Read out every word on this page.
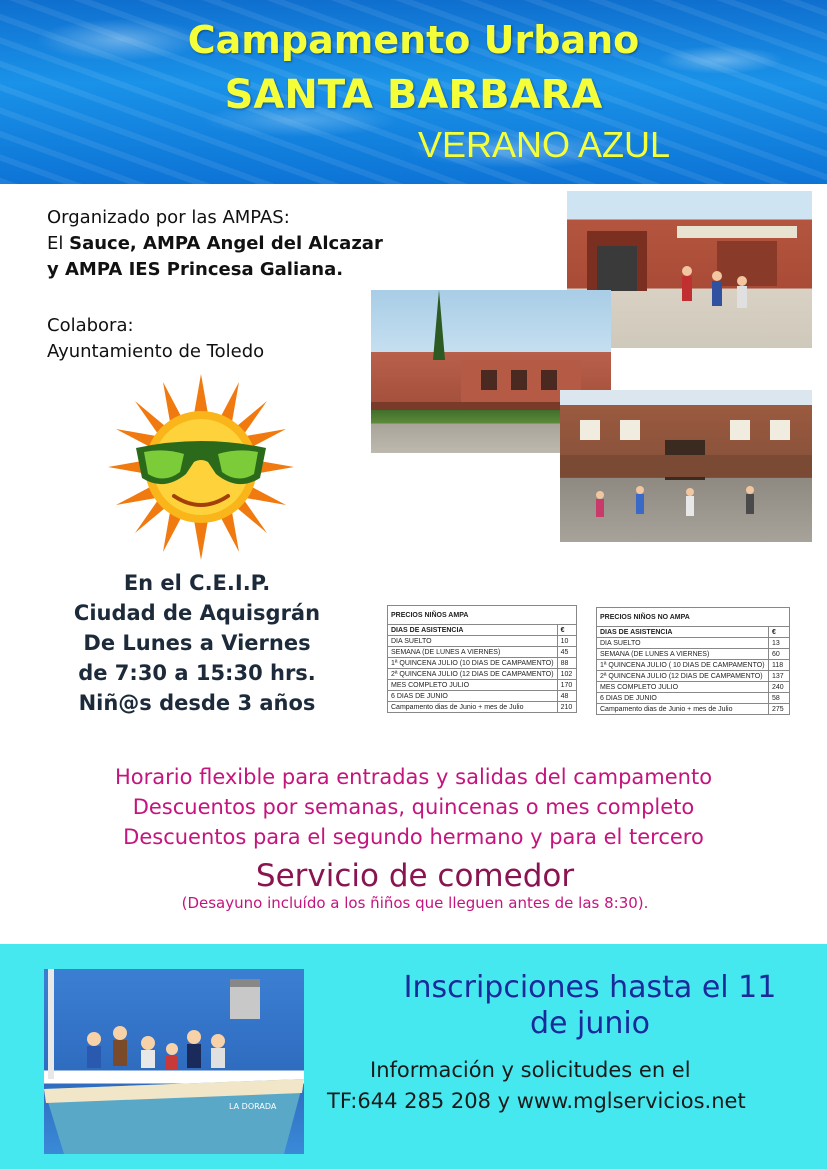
Campamento Urbano
SANTA BARBARA
VERANO AZUL
Organizado por las AMPAS:
El Sauce, AMPA Angel del Alcazar
y AMPA IES Princesa Galiana.
Colabora:
Ayuntamiento de Toledo
En el C.E.I.P.
Ciudad de Aquisgrán
De Lunes a Viernes
de 7:30 a 15:30 hrs.
Niñ@s desde 3 años
PRECIOS NIÑOS AMPA	
DIAS DE ASISTENCIA	€
DIA SUELTO	10
SEMANA (DE LUNES A VIERNES)	45
1ª QUINCENA JULIO (10 DIAS DE CAMPAMENTO)	88
2ª QUINCENA JULIO (12 DIAS DE CAMPAMENTO)	102
MES COMPLETO JULIO	170
6 DIAS DE JUNIO	48
Campamento dias de Junio + mes de Julio	210
PRECIOS NIÑOS NO AMPA	
DIAS DE ASISTENCIA	€
DIA SUELTO	13
SEMANA (DE LUNES A VIERNES)	60
1ª QUINCENA JULIO ( 10 DIAS DE CAMPAMENTO)	118
2ª QUINCENA JULIO (12 DIAS DE CAMPAMENTO)	137
MES COMPLETO JULIO	240
6 DIAS DE JUNIO	58
Campamento dias de Junio + mes de Julio	275
Horario flexible para entradas y salidas del campamento
Descuentos por semanas, quincenas o mes completo
Descuentos para el segundo hermano y para el tercero
Servicio de comedor
(Desayuno incluído a los ñiños que lleguen antes de las 8:30).
LA DORADA
Inscripciones hasta el 11
de junio
Información y solicitudes en el
TF:644 285 208 y www.mglservicios.net
